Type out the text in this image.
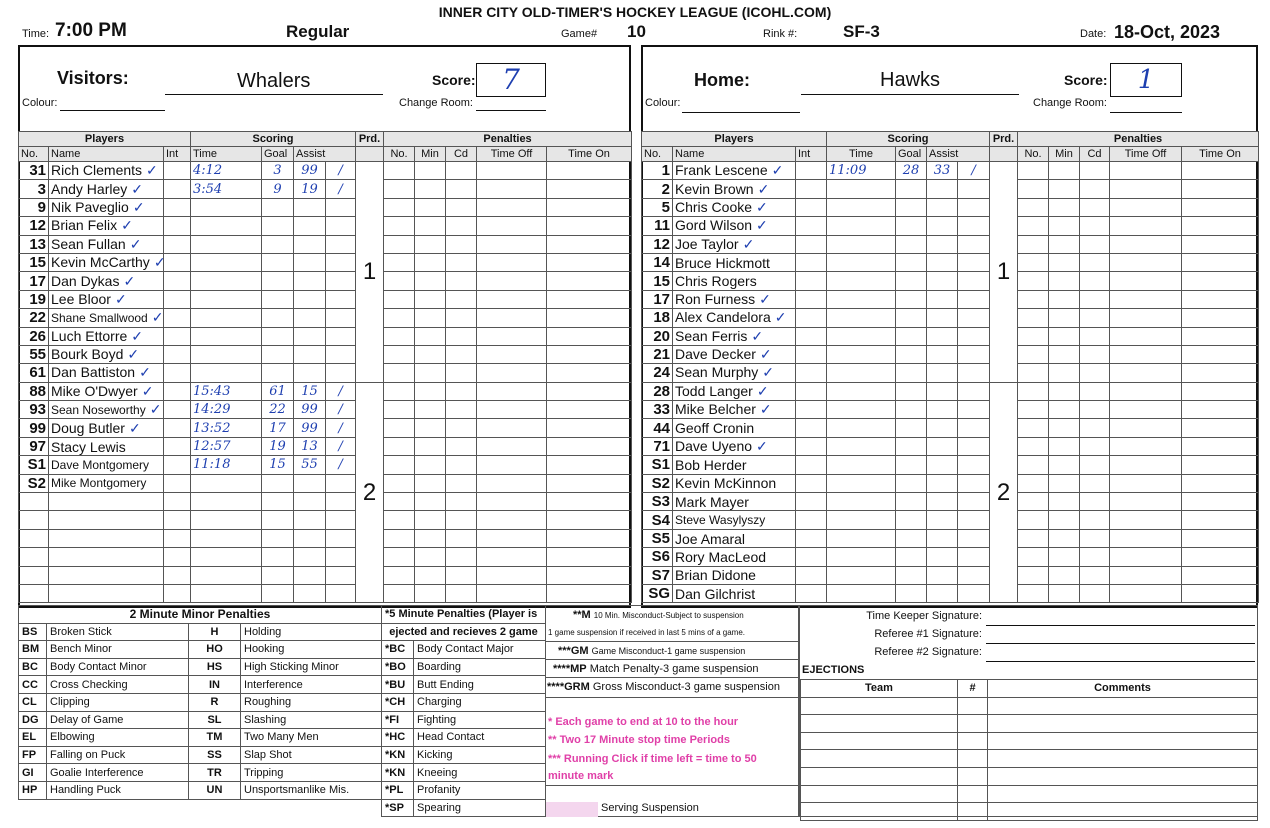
INNER CITY OLD-TIMER'S HOCKEY LEAGUE (ICOHL.COM)
Time: 7:00 PM	Regular	Game# 10	Rink #:	SF-3	Date: 18-Oct, 2023
Visitors:	Whalers	Score: 7
Colour:	Change Room:
Players			Scoring				Prd.	Penalties				
No.	Name	Int	Time	Goal	Assist			No.	Min	Cd	Time Off	Time On
31	Rich Clements ✓		4:12	3	99	/	1					
3	Andy Harley ✓		3:54	9	19	/						
9	Nik Paveglio ✓											
12	Brian Felix ✓											
13	Sean Fullan ✓											
15	Kevin McCarthy ✓											
17	Dan Dykas ✓											
19	Lee Bloor ✓											
22	Shane Smallwood ✓											
26	Luch Ettorre ✓											
55	Bourk Boyd ✓											
61	Dan Battiston ✓											
88	Mike O'Dwyer ✓		15:43	61	15	/	2					
93	Sean Noseworthy ✓		14:29	22	99	/						
99	Doug Butler ✓		13:52	17	99	/						
97	Stacy Lewis		12:57	19	13	/						
S1	Dave Montgomery		11:18	15	55	/						
S2	Mike Montgomery											

Home:	Hawks	Score:	1
Colour:	Change Room:
Players			Scoring				Prd.	Penalties				
No.	Name	Int	Time	Goal	Assist			No.	Min	Cd	Time Off	Time On
1	Frank Lescene ✓		11:09	28	33	/	1					
2	Kevin Brown ✓											
5	Chris Cooke ✓											
11	Gord Wilson ✓											
12	Joe Taylor ✓											
14	Bruce Hickmott											
15	Chris Rogers											
17	Ron Furness ✓											
18	Alex Candelora ✓											
20	Sean Ferris ✓											
21	Dave Decker ✓											
24	Sean Murphy ✓											
28	Todd Langer ✓						2					
33	Mike Belcher ✓											
44	Geoff Cronin											
71	Dave Uyeno ✓											
S1	Bob Herder											
S2	Kevin McKinnon											
S3	Mark Mayer											
S4	Steve Wasylyszy											
S5	Joe Amaral											
S6	Rory MacLeod											
S7	Brian Didone											
SG	Dan Gilchrist											
2 Minute Minor Penalties			
BS	Broken Stick	H	Holding
BM	Bench Minor	HO	Hooking
BC	Body Contact Minor	HS	High Sticking Minor
CC	Cross Checking	IN	Interference
CL	Clipping	R	Roughing
DG	Delay of Game	SL	Slashing
EL	Elbowing	TM	Two Many Men
FP	Falling on Puck	SS	Slap Shot
GI	Goalie Interference	TR	Tripping
HP	Handling Puck	UN	Unsportsmanlike Mis.
*5 Minute Penalties (Player is	
ejected and recieves 2 game	
*BC	Body Contact Major
*BO	Boarding
*BU	Butt Ending
*CH	Charging
*FI	Fighting
*HC	Head Contact
*KN	Kicking
*KN	Kneeing
*PL	Profanity
*SP	Spearing
**M 10 Min. Misconduct-Subject to suspension
1 game suspension if received in last 5 mins of a game.
***GM Game Misconduct-1 game suspension
****MP Match Penalty-3 game suspension
****GRM Gross Misconduct-3 game suspension
* Each game to end at 10 to the hour
** Two 17 Minute stop time Periods
*** Running Click if time left = time to 50 minute mark
Serving Suspension
Time Keeper Signature:
Referee #1 Signature:
Referee #2 Signature:
EJECTIONS
Team	#	Comments
